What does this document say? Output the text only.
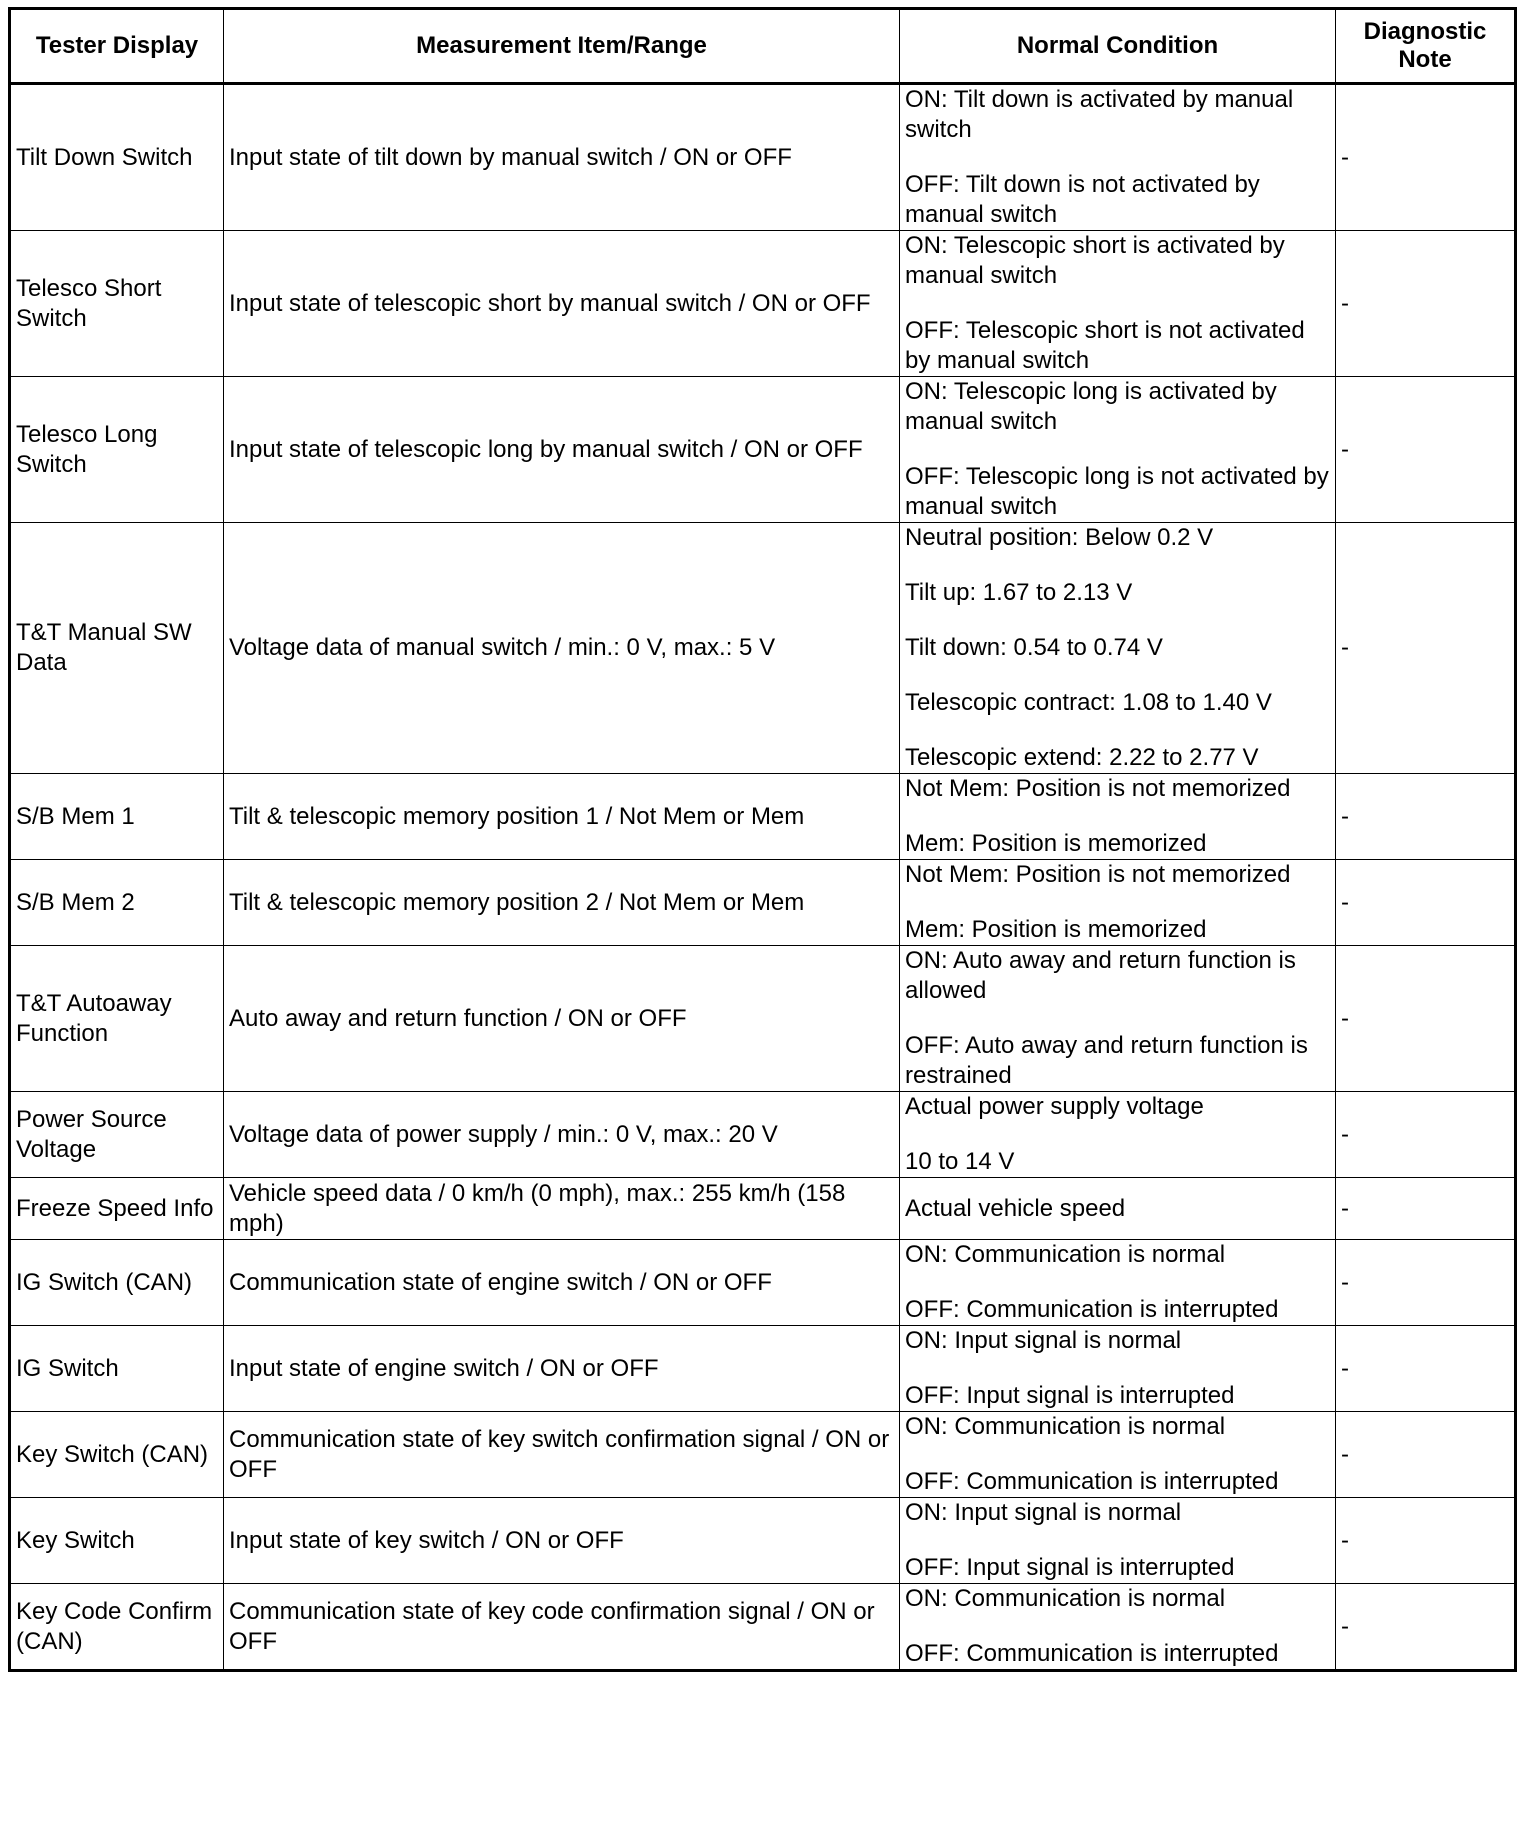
Tester Display	Measurement Item/Range	Normal Condition	Diagnostic Note
Tilt Down Switch	Input state of tilt down by manual switch / ON or OFF	ON: Tilt down is activated by manual switch
OFF: Tilt down is not activated by manual switch	-
Telesco Short Switch	Input state of telescopic short by manual switch / ON or OFF	ON: Telescopic short is activated by manual switch
OFF: Telescopic short is not activated by manual switch	-
Telesco Long Switch	Input state of telescopic long by manual switch / ON or OFF	ON: Telescopic long is activated by manual switch
OFF: Telescopic long is not activated by manual switch	-
T&T Manual SW Data	Voltage data of manual switch / min.: 0 V, max.: 5 V	Neutral position: Below 0.2 V
Tilt up: 1.67 to 2.13 V
Tilt down: 0.54 to 0.74 V
Telescopic contract: 1.08 to 1.40 V
Telescopic extend: 2.22 to 2.77 V	-
S/B Mem 1	Tilt & telescopic memory position 1 / Not Mem or Mem	Not Mem: Position is not memorized
Mem: Position is memorized	-
S/B Mem 2	Tilt & telescopic memory position 2 / Not Mem or Mem	Not Mem: Position is not memorized
Mem: Position is memorized	-
T&T Autoaway Function	Auto away and return function / ON or OFF	ON: Auto away and return function is allowed
OFF: Auto away and return function is restrained	-
Power Source Voltage	Voltage data of power supply / min.: 0 V, max.: 20 V	Actual power supply voltage
10 to 14 V	-
Freeze Speed Info	Vehicle speed data / 0 km/h (0 mph), max.: 255 km/h (158 mph)	Actual vehicle speed	-
IG Switch (CAN)	Communication state of engine switch / ON or OFF	ON: Communication is normal
OFF: Communication is interrupted	-
IG Switch	Input state of engine switch / ON or OFF	ON: Input signal is normal
OFF: Input signal is interrupted	-
Key Switch (CAN)	Communication state of key switch confirmation signal / ON or OFF	ON: Communication is normal
OFF: Communication is interrupted	-
Key Switch	Input state of key switch / ON or OFF	ON: Input signal is normal
OFF: Input signal is interrupted	-
Key Code Confirm (CAN)	Communication state of key code confirmation signal / ON or OFF	ON: Communication is normal
OFF: Communication is interrupted	-
